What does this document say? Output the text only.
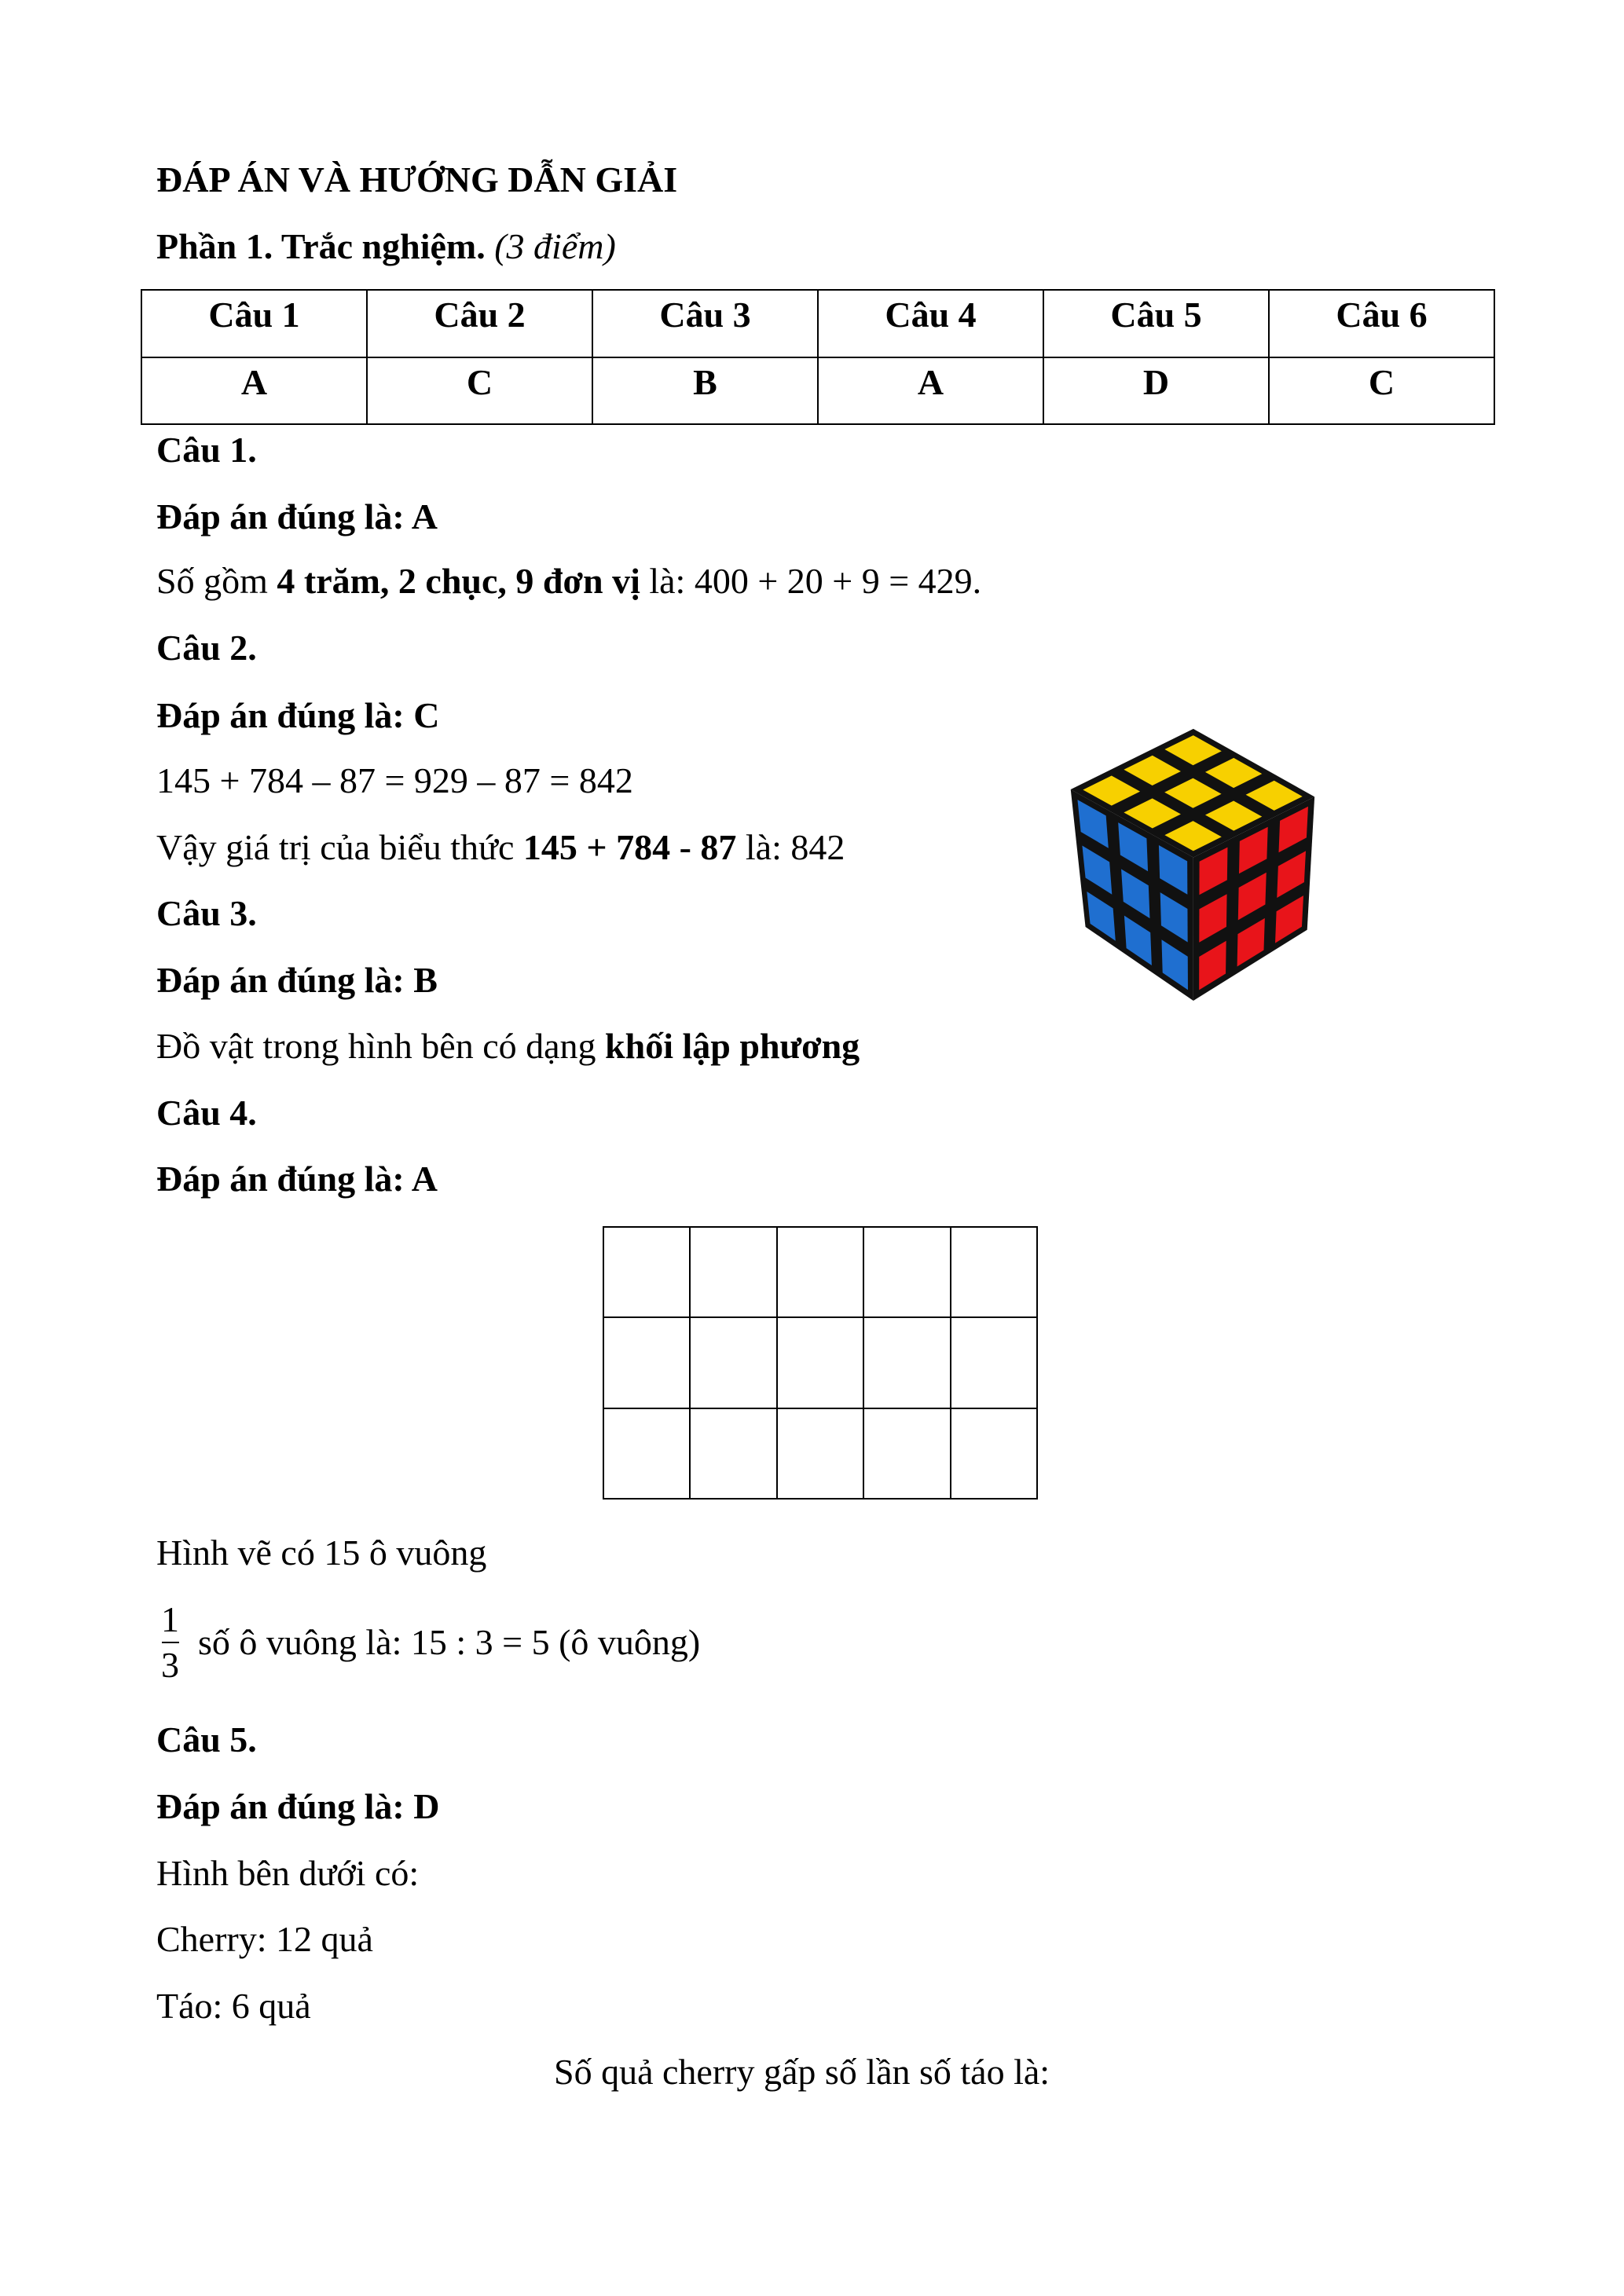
ĐÁP ÁN VÀ HƯỚNG DẪN GIẢI
Phần 1. Trắc nghiệm. (3 điểm)
Câu 1	Câu 2	Câu 3	Câu 4	Câu 5	Câu 6
A	C	B	A	D	C
Câu 1.
Đáp án đúng là: A
Số gồm 4 trăm, 2 chục, 9 đơn vị là: 400 + 20 + 9 = 429.
Câu 2.
Đáp án đúng là: C
145 + 784 – 87 = 929 – 87 = 842
Vậy giá trị của biểu thức 145 + 784 - 87 là: 842
Câu 3.
Đáp án đúng là: B
Đồ vật trong hình bên có dạng khối lập phương
Câu 4.
Đáp án đúng là: A
Hình vẽ có 15 ô vuông
1
3
số ô vuông là: 15 : 3 = 5 (ô vuông)
Câu 5.
Đáp án đúng là: D
Hình bên dưới có:
Cherry: 12 quả
Táo: 6 quả
Số quả cherry gấp số lần số táo là:
